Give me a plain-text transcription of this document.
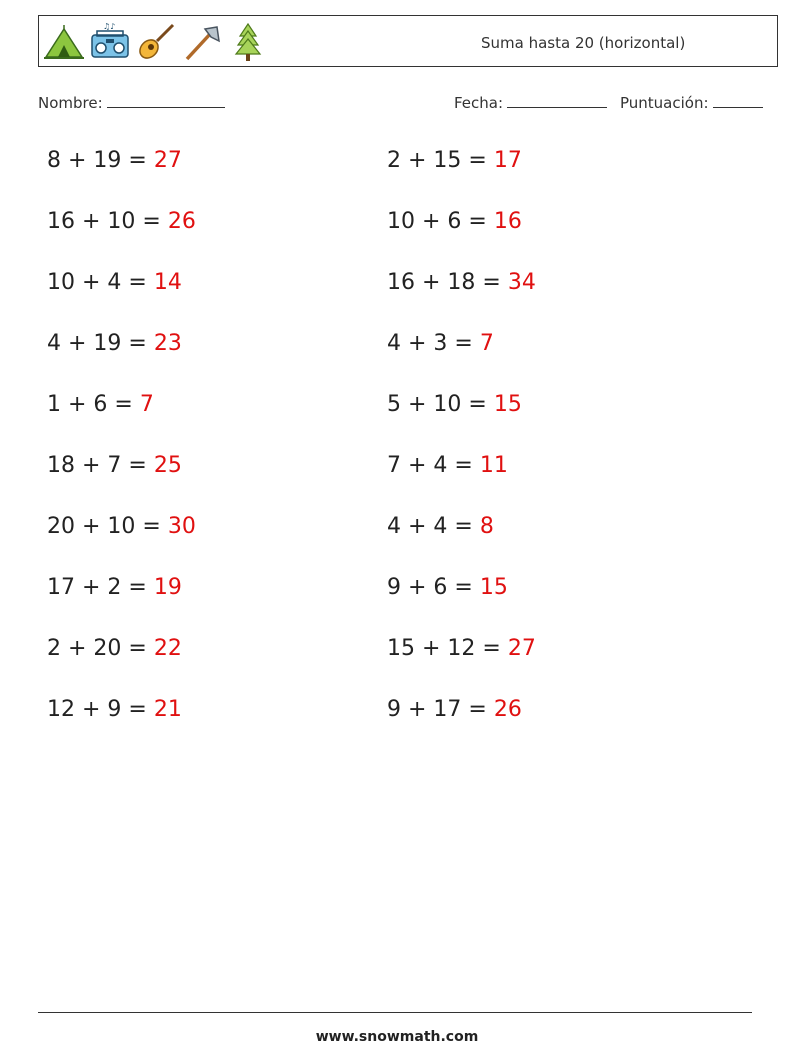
♫♪
Suma hasta 20 (horizontal)
Nombre:	Fecha:	Puntuación:
8 + 19 = 27	2 + 15 = 17
16 + 10 = 26	10 + 6 = 16
10 + 4 = 14	16 + 18 = 34
4 + 19 = 23	4 + 3 = 7
1 + 6 = 7	5 + 10 = 15
18 + 7 = 25	7 + 4 = 11
20 + 10 = 30	4 + 4 = 8
17 + 2 = 19	9 + 6 = 15
2 + 20 = 22	15 + 12 = 27
12 + 9 = 21	9 + 17 = 26
www.snowmath.com
